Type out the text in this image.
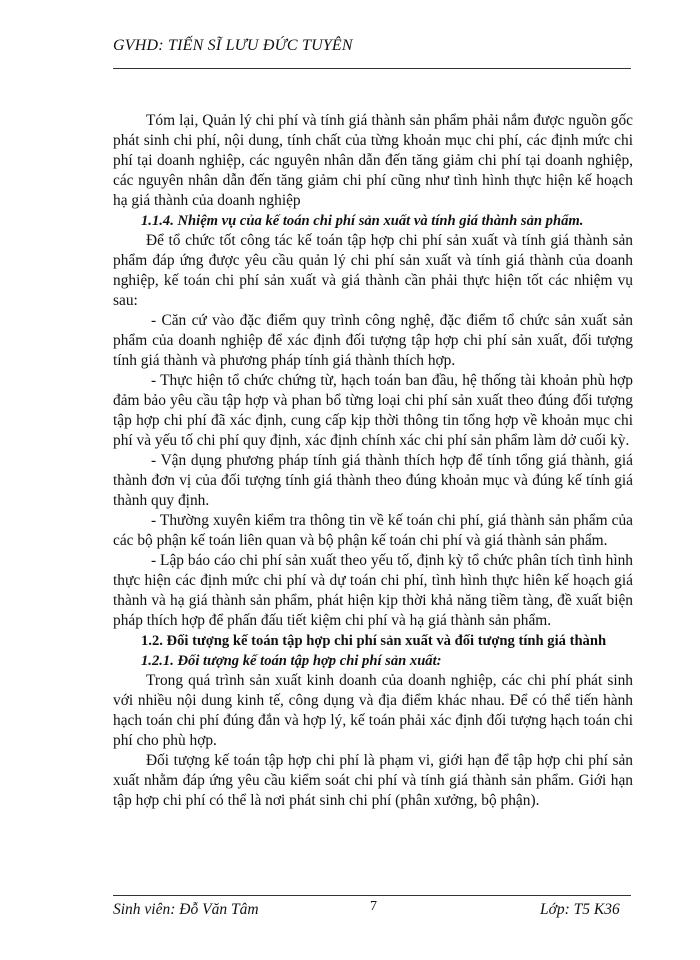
GVHD: TIẾN SĨ LƯU ĐỨC TUYÊN

Tóm lại, Quản lý chi phí và tính giá thành sản phẩm phải nắm được nguồn gốc phát sinh chi phí, nội dung, tính chất của từng khoản mục chi phí, các định mức chi phí tại doanh nghiệp, các nguyên nhân dẫn đến tăng giảm chi phí tại doanh nghiệp, các nguyên nhân dẫn đến tăng giảm chi phí cũng như tình hình thực hiện kế hoạch hạ giá thành của doanh nghiệp

1.1.4. Nhiệm vụ của kế toán chi phí sản xuất và tính giá thành sản phẩm.

Để tổ chức tốt công tác kế toán tập hợp chi phí sản xuất và tính giá thành sản phẩm đáp ứng được yêu cầu quản lý chi phí sản xuất và tính giá thành của doanh nghiệp, kế toán chi phí sản xuất và giá thành cần phải thực hiện tốt các nhiệm vụ sau:

- Căn cứ vào đặc điểm quy trình công nghệ, đặc điểm tổ chức sản xuất sản phẩm của doanh nghiệp để xác định đối tượng tập hợp chi phí sản xuất, đối tượng tính giá thành và phương pháp tính giá thành thích hợp.

- Thực hiện tổ chức chứng từ, hạch toán ban đầu, hệ thống tài khoản phù hợp đảm bảo yêu cầu tập hợp và phan bổ từng loại chi phí sản xuất theo đúng đối tượng tập hợp chi phí đã xác định, cung cấp kịp thời thông tin tổng hợp về khoản mục chi phí và yếu tố chi phí quy định, xác định chính xác chi phí sản phẩm làm dở cuối kỳ.

- Vận dụng phương pháp tính giá thành thích hợp để tính tổng giá thành, giá thành đơn vị của đối tượng tính giá thành theo đúng khoản mục và đúng kế tính giá thành quy định.

- Thường xuyên kiểm tra thông tin về kế toán chi phí, giá thành sản phẩm của các bộ phận kế toán liên quan và bộ phận kế toán chi phí và giá thành sản phẩm.

- Lập báo cáo chi phí sản xuất theo yếu tố, định kỳ tổ chức phân tích tình hình thực hiện các định mức chi phí và dự toán chi phí, tình hình thực hiên kế hoạch giá thành và hạ giá thành sản phẩm, phát hiện kịp thời khả năng tiềm tàng, đề xuất biện pháp thích hợp để phấn đấu tiết kiệm chi phí và hạ giá thành sản phẩm.

1.2. Đối tượng kế toán tập hợp chi phí sản xuất và đối tượng tính giá thành
1.2.1. Đối tượng kế toán tập hợp chi phí sản xuất:

Trong quá trình sản xuất kinh doanh của doanh nghiệp, các chi phí phát sinh với nhiều nội dung kinh tế, công dụng và địa điểm khác nhau. Để có thể tiến hành hạch toán chi phí đúng đắn và hợp lý, kế toán phải xác định đối tượng hạch toán chi phí cho phù hợp.

Đối tượng kế toán tập hợp chi phí là phạm vi, giới hạn để tập hợp chi phí sản xuất nhằm đáp ứng yêu cầu kiểm soát chi phí và tính giá thành sản phẩm. Giới hạn tập hợp chi phí có thể là nơi phát sinh chi phí (phân xưởng, bộ phận).

Sinh viên: Đỗ Văn Tâm	7	Lớp: T5 K36
